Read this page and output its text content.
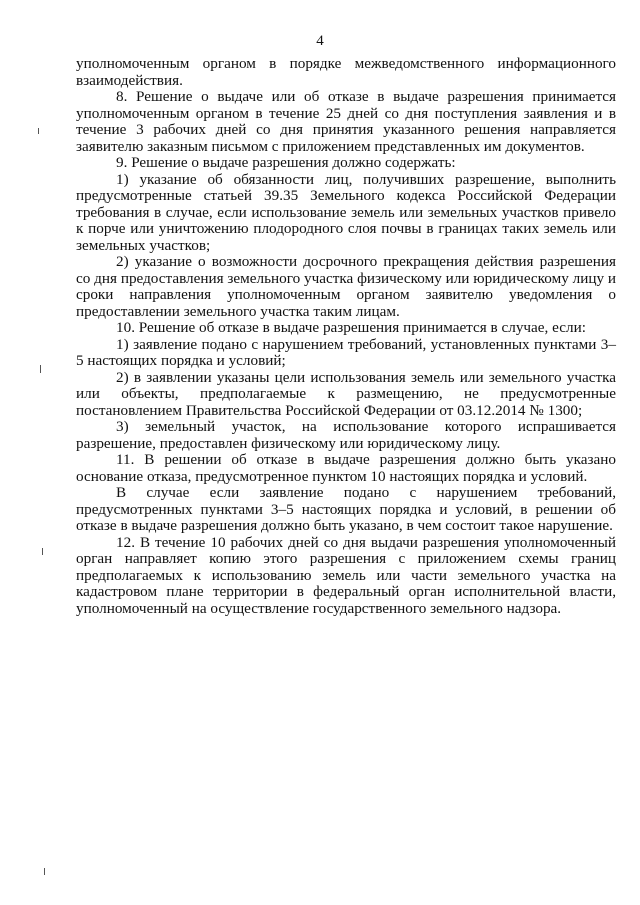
4

уполномоченным органом в порядке межведомственного информационного взаимодействия.

8. Решение о выдаче или об отказе в выдаче разрешения принимается уполномоченным органом в течение 25 дней со дня поступления заявления и в течение 3 рабочих дней со дня принятия указанного решения направляется заявителю заказным письмом с приложением представленных им документов.

9. Решение о выдаче разрешения должно содержать:

1) указание об обязанности лиц, получивших разрешение, выполнить предусмотренные статьей 39.35 Земельного кодекса Российской Федерации требования в случае, если использование земель или земельных участков привело к порче или уничтожению плодородного слоя почвы в границах таких земель или земельных участков;

2) указание о возможности досрочного прекращения действия разрешения со дня предоставления земельного участка физическому или юридическому лицу и сроки направления уполномоченным органом заявителю уведомления о предоставлении земельного участка таким лицам.

10. Решение об отказе в выдаче разрешения принимается в случае, если:

1) заявление подано с нарушением требований, установленных пунктами 3–5 настоящих порядка и условий;

2) в заявлении указаны цели использования земель или земельного участка или объекты, предполагаемые к размещению, не предусмотренные постановлением Правительства Российской Федерации от 03.12.2014 № 1300;

3) земельный участок, на использование которого испрашивается разрешение, предоставлен физическому или юридическому лицу.

11. В решении об отказе в выдаче разрешения должно быть указано основание отказа, предусмотренное пунктом 10 настоящих порядка и условий.

В случае если заявление подано с нарушением требований, предусмотренных пунктами 3–5 настоящих порядка и условий, в решении об отказе в выдаче разрешения должно быть указано, в чем состоит такое нарушение.

12. В течение 10 рабочих дней со дня выдачи разрешения уполномоченный орган направляет копию этого разрешения с приложением схемы границ предполагаемых к использованию земель или части земельного участка на кадастровом плане территории в федеральный орган исполнительной власти, уполномоченный на осуществление государственного земельного надзора.
